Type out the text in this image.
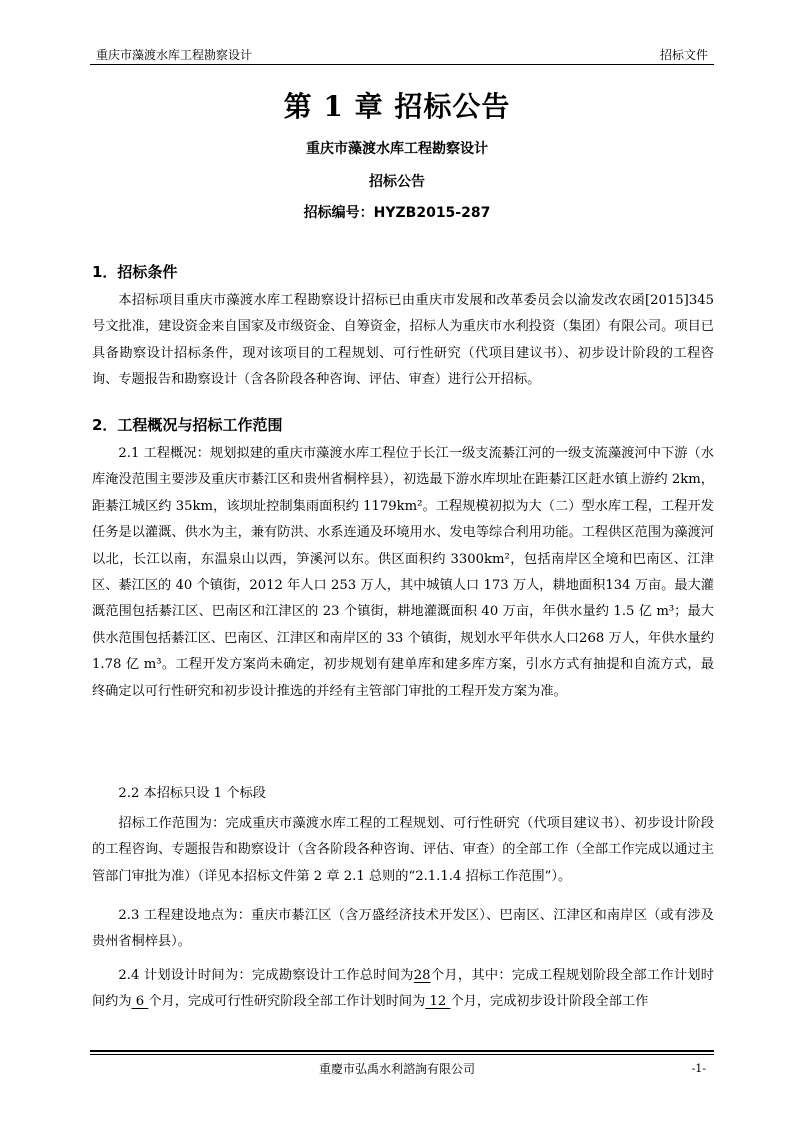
重庆市藻渡水库工程勘察设计	招标文件
第 1 章 招标公告
重庆市藻渡水库工程勘察设计
招标公告
招标编号：HYZB2015-287
1．招标条件

本招标项目重庆市藻渡水库工程勘察设计招标已由重庆市发展和改革委员会以渝发改农函[2015]345 号文批准，建设资金来自国家及市级资金、自筹资金，招标人为重庆市水利投资（集团）有限公司。项目已具备勘察设计招标条件，现对该项目的工程规划、可行性研究（代项目建议书）、初步设计阶段的工程咨询、专题报告和勘察设计（含各阶段各种咨询、评估、审查）进行公开招标。

2．工程概况与招标工作范围

2.1 工程概况：规划拟建的重庆市藻渡水库工程位于长江一级支流綦江河的一级支流藻渡河中下游（水库淹没范围主要涉及重庆市綦江区和贵州省桐梓县），初选最下游水库坝址在距綦江区赶水镇上游约 2km，距綦江城区约 35km，该坝址控制集雨面积约 1179km²。工程规模初拟为大（二）型水库工程，工程开发任务是以灌溉、供水为主，兼有防洪、水系连通及环境用水、发电等综合利用功能。工程供区范围为藻渡河以北，长江以南，东温泉山以西，笋溪河以东。供区面积约 3300km²，包括南岸区全境和巴南区、江津区、綦江区的 40 个镇街，2012 年人口 253 万人，其中城镇人口 173 万人，耕地面积134 万亩。最大灌溉范围包括綦江区、巴南区和江津区的 23 个镇街，耕地灌溉面积 40 万亩，年供水量约 1.5 亿 m³；最大供水范围包括綦江区、巴南区、江津区和南岸区的 33 个镇街，规划水平年供水人口268 万人，年供水量约 1.78 亿 m³。工程开发方案尚未确定，初步规划有建单库和建多库方案，引水方式有抽提和自流方式，最终确定以可行性研究和初步设计推选的并经有主管部门审批的工程开发方案为准。

2.2 本招标只设 1 个标段

招标工作范围为：完成重庆市藻渡水库工程的工程规划、可行性研究（代项目建议书）、初步设计阶段的工程咨询、专题报告和勘察设计（含各阶段各种咨询、评估、审查）的全部工作（全部工作完成以通过主管部门审批为准）（详见本招标文件第 2 章 2.1 总则的“2.1.1.4 招标工作范围”）。

2.3 工程建设地点为：重庆市綦江区（含万盛经济技术开发区）、巴南区、江津区和南岸区（或有涉及贵州省桐梓县）。

2.4 计划设计时间为：完成勘察设计工作总时间为28个月，其中：完成工程规划阶段全部工作计划时间约为 6 个月，完成可行性研究阶段全部工作计划时间为 12 个月，完成初步设计阶段全部工作

重慶市弘禹水利諮詢有限公司	-1-
